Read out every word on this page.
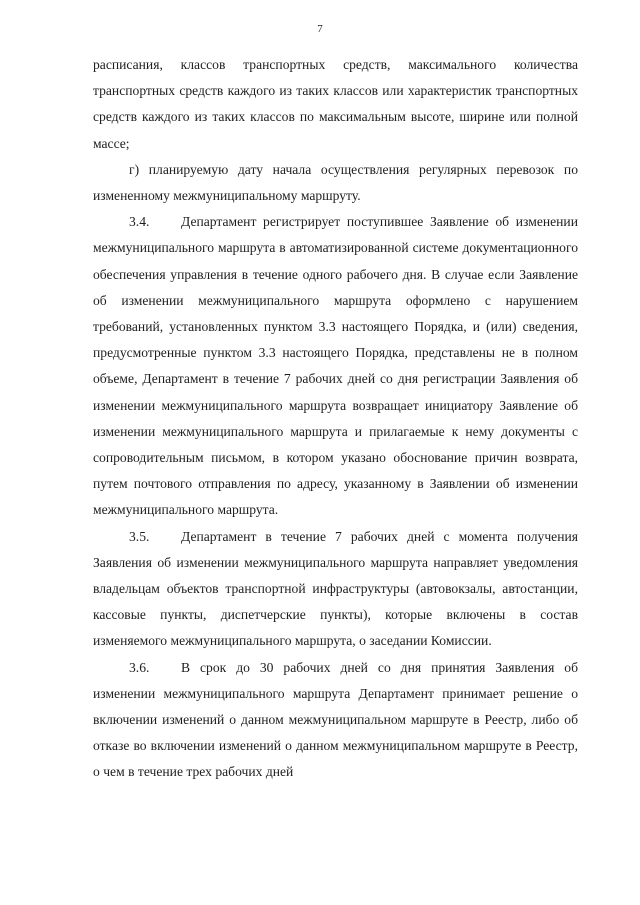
7

расписания, классов транспортных средств, максимального количества транспортных средств каждого из таких классов или характеристик транспортных средств каждого из таких классов по максимальным высоте, ширине или полной массе;

г) планируемую дату начала осуществления регулярных перевозок по измененному межмуниципальному маршруту.

3.4. Департамент регистрирует поступившее Заявление об изменении межмуниципального маршрута в автоматизированной системе документационного обеспечения управления в течение одного рабочего дня. В случае если Заявление об изменении межмуниципального маршрута оформлено с нарушением требований, установленных пунктом 3.3 настоящего Порядка, и (или) сведения, предусмотренные пунктом 3.3 настоящего Порядка, представлены не в полном объеме, Департамент в течение 7 рабочих дней со дня регистрации Заявления об изменении межмуниципального маршрута возвращает инициатору Заявление об изменении межмуниципального маршрута и прилагаемые к нему документы с сопроводительным письмом, в котором указано обоснование причин возврата, путем почтового отправления по адресу, указанному в Заявлении об изменении межмуниципального маршрута.

3.5. Департамент в течение 7 рабочих дней с момента получения Заявления об изменении межмуниципального маршрута направляет уведомления владельцам объектов транспортной инфраструктуры (автовокзалы, автостанции, кассовые пункты, диспетчерские пункты), которые включены в состав изменяемого межмуниципального маршрута, о заседании Комиссии.

3.6. В срок до 30 рабочих дней со дня принятия Заявления об изменении межмуниципального маршрута Департамент принимает решение о включении изменений о данном межмуниципальном маршруте в Реестр, либо об отказе во включении изменений о данном межмуниципальном маршруте в Реестр, о чем в течение трех рабочих дней
